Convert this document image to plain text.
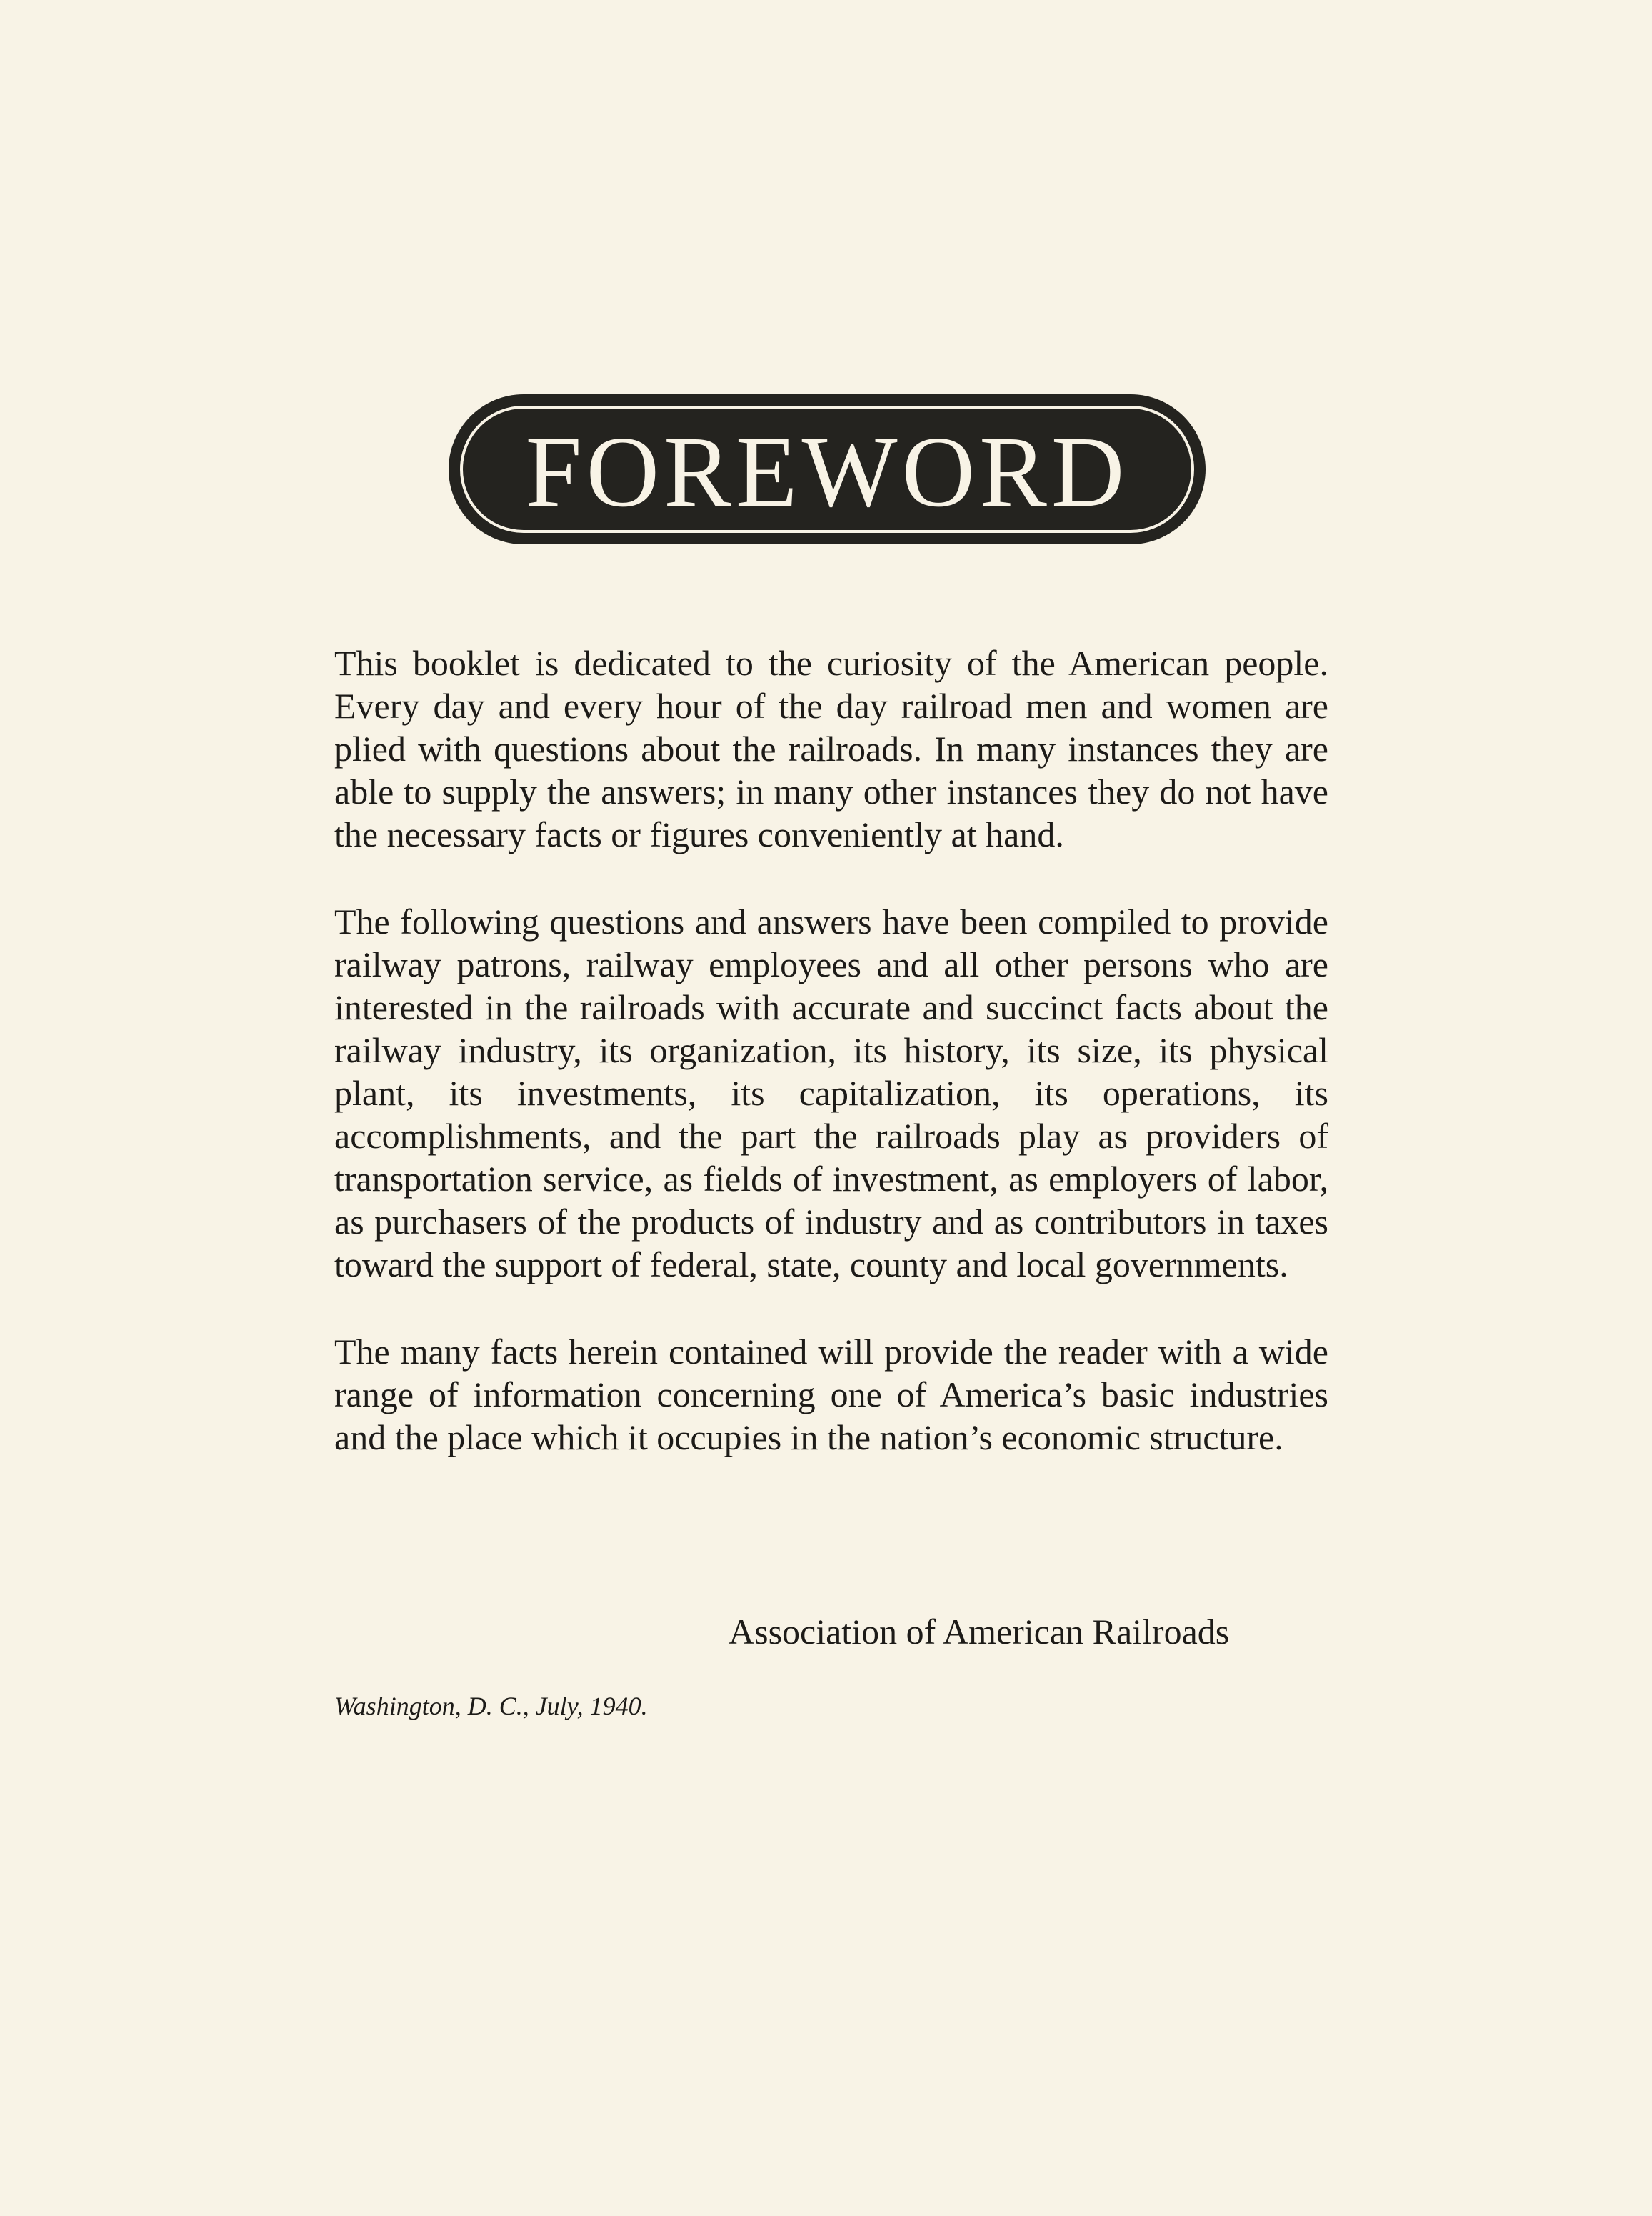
FOREWORD

This booklet is dedicated to the curiosity of the American people. Every day and every hour of the day railroad men and women are plied with questions about the railroads. In many instances they are able to supply the answers; in many other instances they do not have the necessary facts or figures conveniently at hand.

The following questions and answers have been compiled to provide railway patrons, railway employees and all other persons who are interested in the railroads with accurate and succinct facts about the railway industry, its organization, its history, its size, its physical plant, its investments, its capitalization, its operations, its accomplishments, and the part the railroads play as providers of transportation service, as fields of investment, as employers of labor, as purchasers of the products of industry and as contributors in taxes toward the support of federal, state, county and local governments.

The many facts herein contained will provide the reader with a wide range of information concerning one of America’s basic industries and the place which it occupies in the nation’s economic structure.

Association of American Railroads
Washington, D. C., July, 1940.
